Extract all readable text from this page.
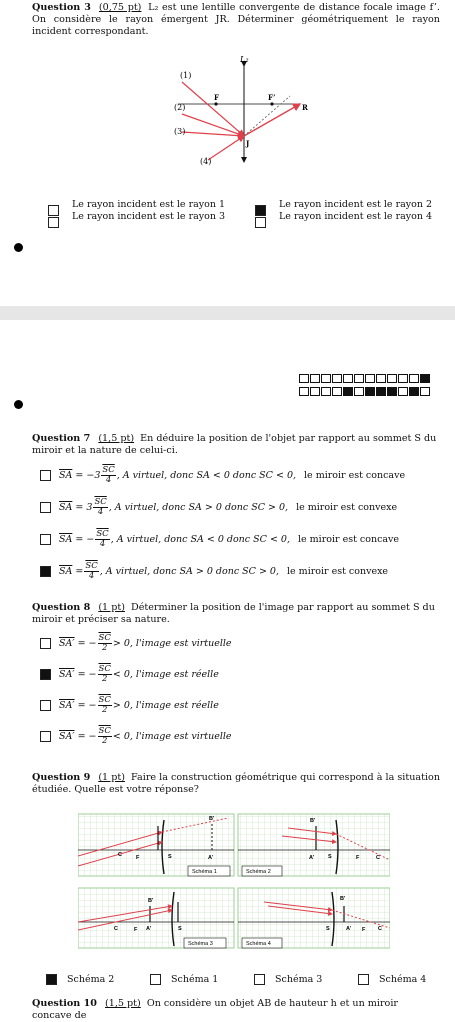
Question 3 (0,75 pt) L₂ est une lentille convergente de distance focale image f’. On considère le rayon émergent JR. Déterminer géométriquement le rayon incident correspondant.
L₂
(1)
(2)
(3)
(4)
F	F’
R
J
Le rayon incident est le rayon 1
Le rayon incident est le rayon 3
Le rayon incident est le rayon 2
Le rayon incident est le rayon 4
Question 7 (1,5 pt) En déduire la position de l'objet par rapport au sommet S du miroir et la nature de celui-ci.
$\overline{SA} = -3 \frac{\overline{SC}}{4}$ , A virtuel, donc SA < 0 donc SC < 0, le miroir est concave
$\overline{SA} = 3 \frac{\overline{SC}}{4}$ , A virtuel, donc SA > 0 donc SC > 0, le miroir est convexe
$\overline{SA}$ = − $\frac{\overline{SC}}{4}$ , A virtuel, donc SA < 0 donc SC < 0, le miroir est concave
$\overline{SA} = \frac{\overline{SC}}{4}$ , A virtuel, donc SA > 0 donc SC > 0, le miroir est convexe
Question 8 (1 pt) Déterminer la position de l'image par rapport au sommet S du miroir et préciser sa nature.
SA′ = − $\frac{\overline{SC}}{2} > 0$, l'image est virtuelle
SA′ = − $\frac{\overline{SC}}{2} < 0$, l'image est réelle
SA′ = − $\frac{\overline{SC}}{2} > 0$, l'image est réelle
SA′ = − $\frac{\overline{SC}}{2} < 0$, l'image est virtuelle
Question 9 (1 pt) Faire la construction géométrique qui correspond à la situation étudiée. Quelle est votre réponse?
B'
A'
S
F
C
Schéma 1
B'
A' S	F	C
Schéma 2
B'
A'	S
F
C
Schéma 3
B'
A'
S	F C
Schéma 4
Schéma 2	Schéma 1	Schéma 3	Schéma 4
Question 10 (1,5 pt) On considère un objet AB de hauteur h et un miroir concave de
